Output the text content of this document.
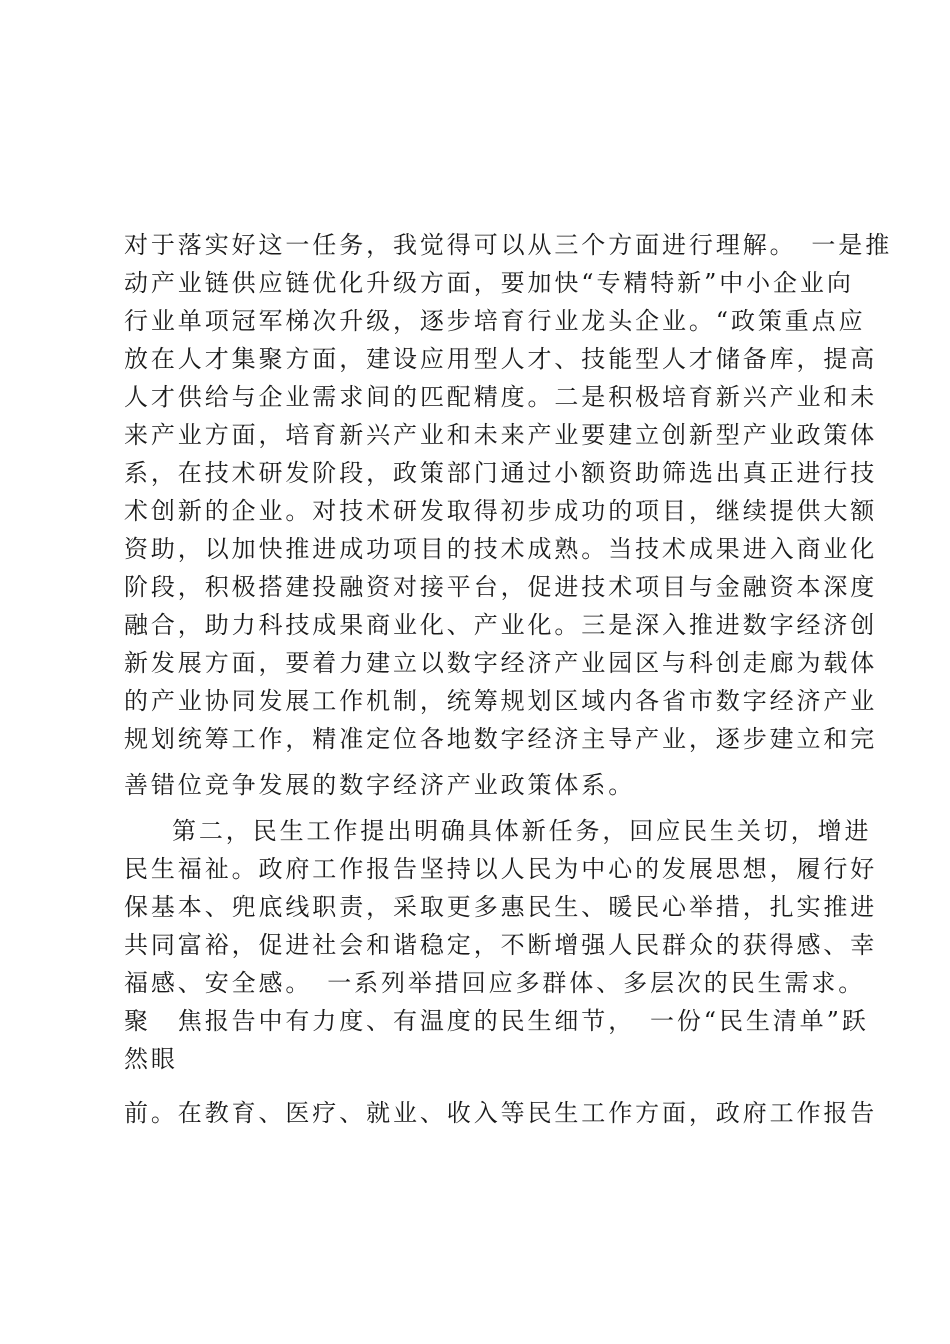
对于落实好这一任务，我觉得可以从三个方面进行理解。　一是推
动产业链供应链优化升级方面，要加快“专精特新”中小企业向
行业单项冠军梯次升级，逐步培育行业龙头企业。“政策重点应
放在人才集聚方面，建设应用型人才、技能型人才储备库，提高
人才供给与企业需求间的匹配精度。二是积极培育新兴产业和未
来产业方面，培育新兴产业和未来产业要建立创新型产业政策体
系，在技术研发阶段，政策部门通过小额资助筛选出真正进行技
术创新的企业。对技术研发取得初步成功的项目，继续提供大额
资助，以加快推进成功项目的技术成熟。当技术成果进入商业化
阶段，积极搭建投融资对接平台，促进技术项目与金融资本深度
融合，助力科技成果商业化、产业化。三是深入推进数字经济创
新发展方面，要着力建立以数字经济产业园区与科创走廊为载体
的产业协同发展工作机制，统筹规划区域内各省市数字经济产业
规划统筹工作，精准定位各地数字经济主导产业，逐步建立和完
善错位竞争发展的数字经济产业政策体系。
第二，民生工作提出明确具体新任务，回应民生关切，增进
民生福祉。政府工作报告坚持以人民为中心的发展思想，履行好
保基本、兜底线职责，采取更多惠民生、暖民心举措，扎实推进
共同富裕，促进社会和谐稳定，不断增强人民群众的获得感、幸
福感、安全感。　一系列举措回应多群体、多层次的民生需求。
聚　焦报告中有力度、有温度的民生细节，　一份“民生清单”跃
然眼
前。在教育、医疗、就业、收入等民生工作方面，政府工作报告
